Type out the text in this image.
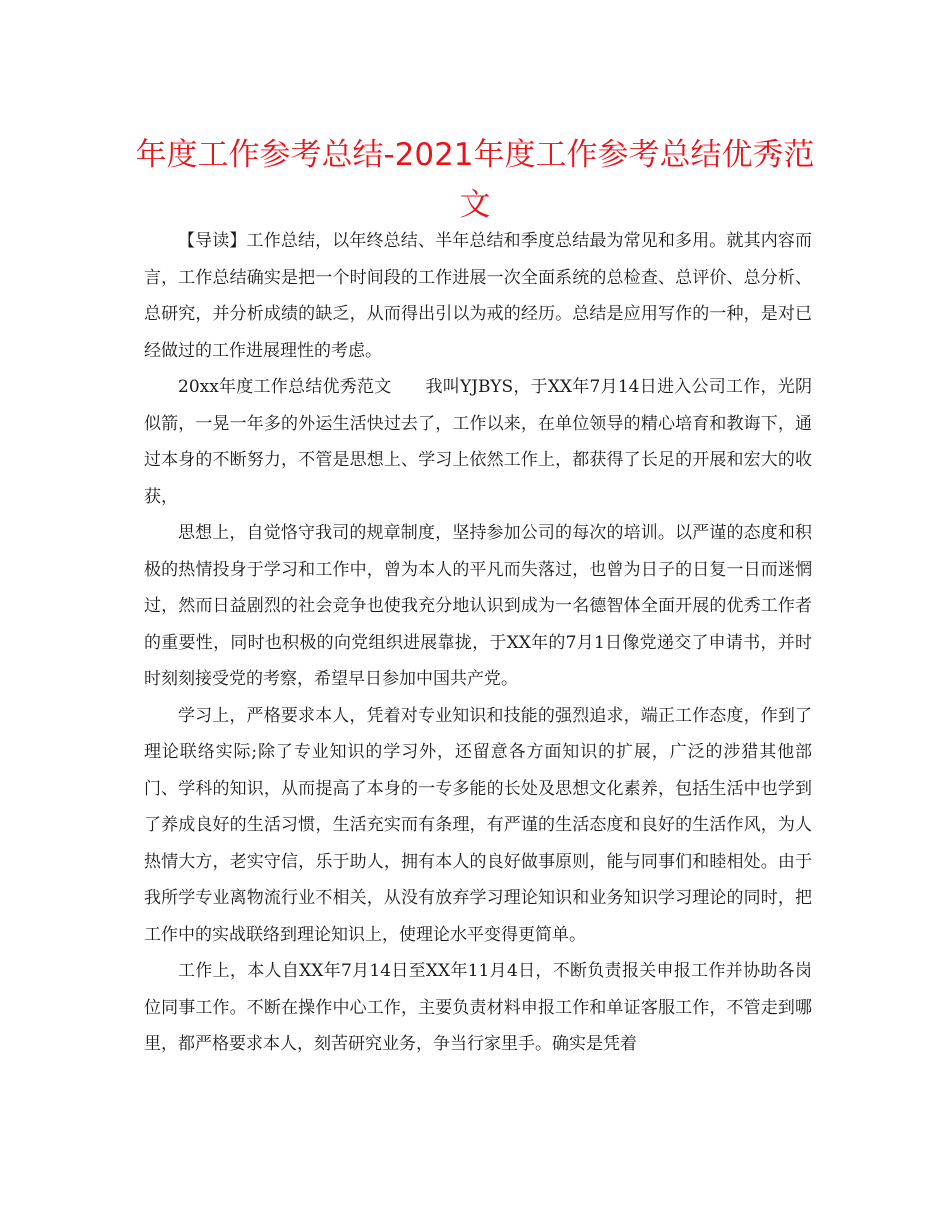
年度工作参考总结-2021年度工作参考总结优秀范文

【导读】工作总结，以年终总结、半年总结和季度总结最为常见和多用。就其内容而言，工作总结确实是把一个时间段的工作进展一次全面系统的总检查、总评价、总分析、总研究，并分析成绩的缺乏，从而得出引以为戒的经历。总结是应用写作的一种，是对已经做过的工作进展理性的考虑。

20xx年度工作总结优秀范文 我叫YJBYS，于XX年7月14日进入公司工作，光阴似箭，一晃一年多的外运生活快过去了，工作以来，在单位领导的精心培育和教诲下，通过本身的不断努力，不管是思想上、学习上依然工作上，都获得了长足的开展和宏大的收获，

思想上，自觉恪守我司的规章制度，坚持参加公司的每次的培训。以严谨的态度和积极的热情投身于学习和工作中，曾为本人的平凡而失落过，也曾为日子的日复一日而迷惘过，然而日益剧烈的社会竞争也使我充分地认识到成为一名德智体全面开展的优秀工作者的重要性，同时也积极的向党组织进展靠拢，于XX年的7月1日像党递交了申请书，并时时刻刻接受党的考察，希望早日参加中国共产党。

学习上，严格要求本人，凭着对专业知识和技能的强烈追求，端正工作态度，作到了理论联络实际;除了专业知识的学习外，还留意各方面知识的扩展，广泛的涉猎其他部门、学科的知识，从而提高了本身的一专多能的长处及思想文化素养，包括生活中也学到了养成良好的生活习惯，生活充实而有条理，有严谨的生活态度和良好的生活作风，为人热情大方，老实守信，乐于助人，拥有本人的良好做事原则，能与同事们和睦相处。由于我所学专业离物流行业不相关，从没有放弃学习理论知识和业务知识学习理论的同时，把工作中的实战联络到理论知识上，使理论水平变得更简单。

工作上，本人自XX年7月14日至XX年11月4日，不断负责报关申报工作并协助各岗位同事工作。不断在操作中心工作，主要负责材料申报工作和单证客服工作，不管走到哪里，都严格要求本人，刻苦研究业务，争当行家里手。确实是凭着
